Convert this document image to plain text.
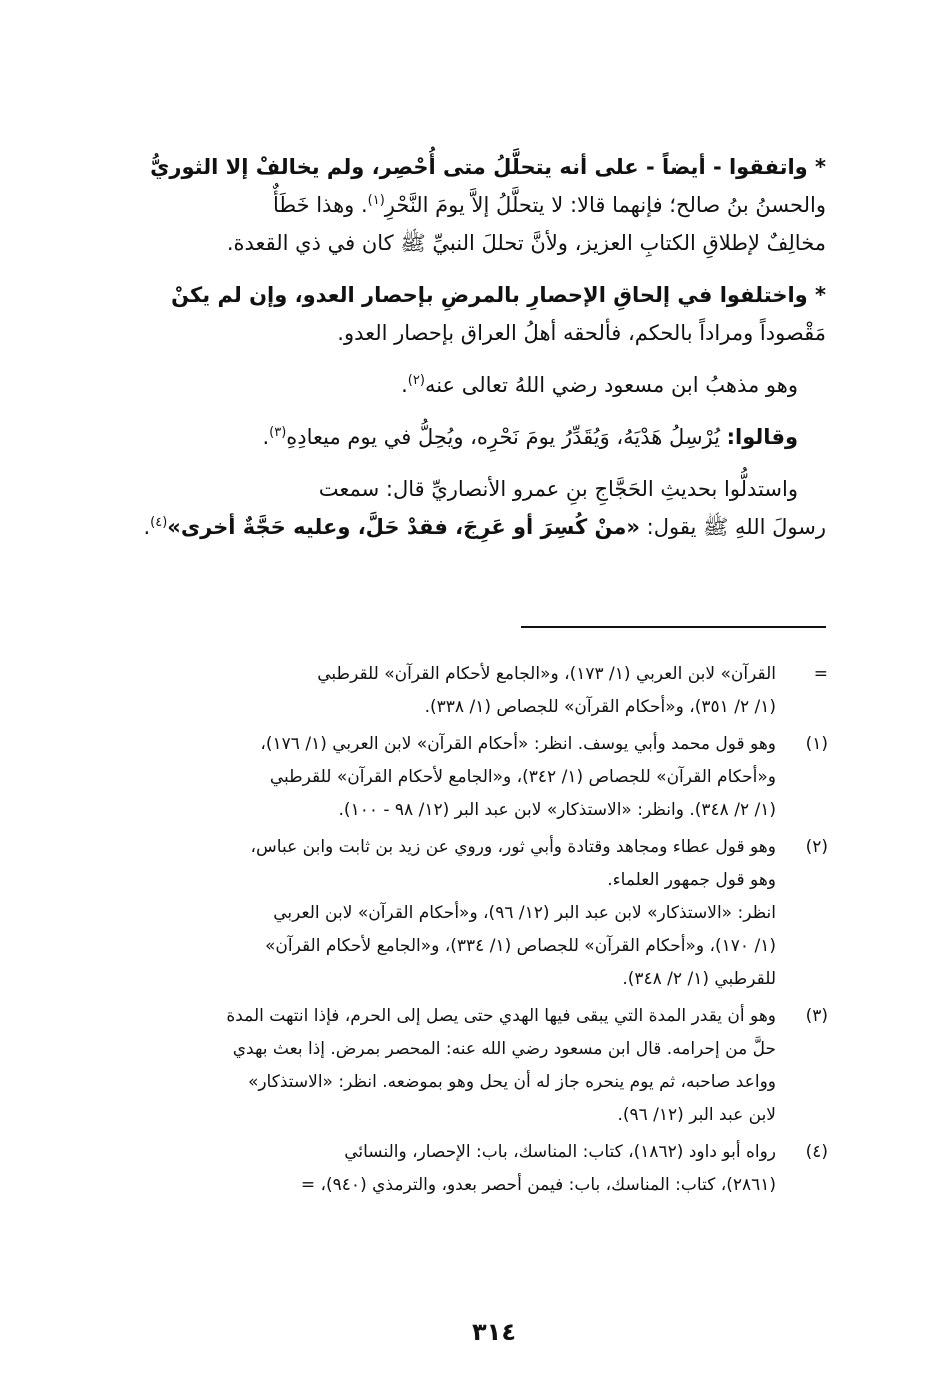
* واتفقوا - أيضاً - على أنه يتحلَّلُ متى أُحْصِر، ولم يخالفْ إلا الثوريُّ
والحسنُ بنُ صالح؛ فإنهما قالا: لا يتحلَّلُ إلاَّ يومَ النَّحْرِ$^{(١)}$. وهذا خَطَأٌ
مخالِفٌ لإطلاقِ الكتابِ العزيز، ولأنَّ تحللَ النبيِّ ﷺ كان في ذي القعدة.

* واختلفوا في إلحاقِ الإحصارِ بالمرضِ بإحصار العدو، وإن لم يكنْ
مَقْصوداً ومراداً بالحكم، فألحقه أهلُ العراق بإحصار العدو.

وهو مذهبُ ابن مسعود رضي اللهُ تعالى عنه$^{(٢)}$.

وقالوا: يُرْسِلُ هَدْيَهُ، وَيُقَدِّرُ يومَ نَحْرِه، ويُحِلُّ في يوم ميعادِهِ$^{(٣)}$.

واستدلُّوا بحديثِ الحَجَّاجِ بنِ عمرو الأنصاريِّ قال: سمعت
رسولَ اللهِ ﷺ يقول: «منْ كُسِرَ أو عَرِجَ، فقدْ حَلَّ، وعليه حَجَّةٌ أخرى»$^{(٤)}$.

=
القرآن» لابن العربي (١/ ١٧٣)، و«الجامع لأحكام القرآن» للقرطبي
(١/ ٢/ ٣٥١)، و«أحكام القرآن» للجصاص (١/ ٣٣٨).
(١)
وهو قول محمد وأبي يوسف. انظر: «أحكام القرآن» لابن العربي (١/ ١٧٦)،
و«أحكام القرآن» للجصاص (١/ ٣٤٢)، و«الجامع لأحكام القرآن» للقرطبي
(١/ ٢/ ٣٤٨). وانظر: «الاستذكار» لابن عبد البر (١٢/ ٩٨ - ١٠٠).
(٢)
وهو قول عطاء ومجاهد وقتادة وأبي ثور، وروي عن زيد بن ثابت وابن عباس،
وهو قول جمهور العلماء.
انظر: «الاستذكار» لابن عبد البر (١٢/ ٩٦)، و«أحكام القرآن» لابن العربي
(١/ ١٧٠)، و«أحكام القرآن» للجصاص (١/ ٣٣٤)، و«الجامع لأحكام القرآن»
للقرطبي (١/ ٢/ ٣٤٨).
(٣)
وهو أن يقدر المدة التي يبقى فيها الهدي حتى يصل إلى الحرم، فإذا انتهت المدة
حلَّ من إحرامه. قال ابن مسعود رضي الله عنه: المحصر بمرض. إذا بعث بهدي
وواعد صاحبه، ثم يوم ينحره جاز له أن يحل وهو بموضعه. انظر: «الاستذكار»
لابن عبد البر (١٢/ ٩٦).
(٤)
رواه أبو داود (١٨٦٢)، كتاب: المناسك، باب: الإحصار، والنسائي
(٢٨٦١)، كتاب: المناسك، باب: فيمن أحصر بعدو، والترمذي (٩٤٠)، =
٣١٤
